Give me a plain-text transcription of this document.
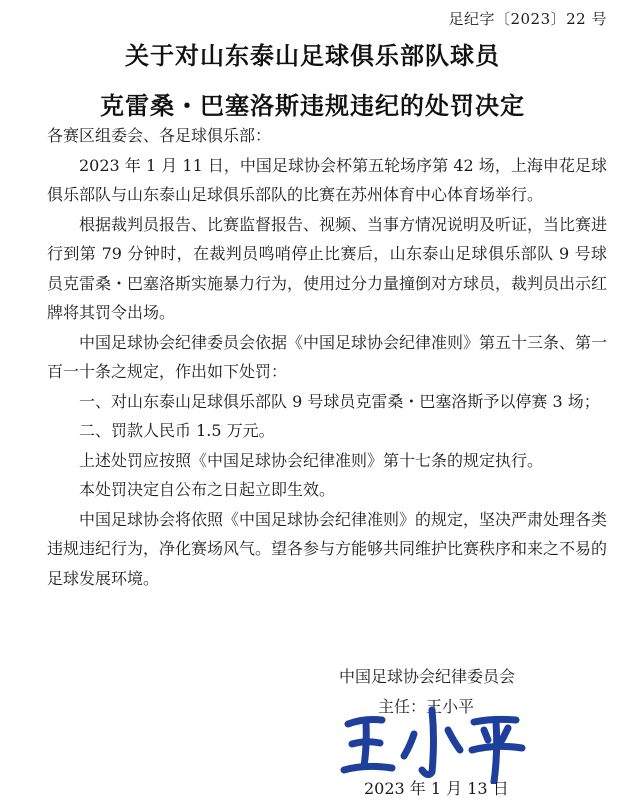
足纪字〔2023〕22 号
关于对山东泰山足球俱乐部队球员
克雷桑・巴塞洛斯违规违纪的处罚决定

各赛区组委会、各足球俱乐部：

2023 年 1 月 11 日，中国足球协会杯第五轮场序第 42 场，上海申花足球俱乐部队与山东泰山足球俱乐部队的比赛在苏州体育中心体育场举行。

根据裁判员报告、比赛监督报告、视频、当事方情况说明及听证，当比赛进行到第 79 分钟时，在裁判员鸣哨停止比赛后，山东泰山足球俱乐部队 9 号球员克雷桑・巴塞洛斯实施暴力行为，使用过分力量撞倒对方球员，裁判员出示红牌将其罚令出场。

中国足球协会纪律委员会依据《中国足球协会纪律准则》第五十三条、第一百一十条之规定，作出如下处罚：

一、对山东泰山足球俱乐部队 9 号球员克雷桑・巴塞洛斯予以停赛 3 场；

二、罚款人民币 1.5 万元。

上述处罚应按照《中国足球协会纪律准则》第十七条的规定执行。

本处罚决定自公布之日起立即生效。

中国足球协会将依照《中国足球协会纪律准则》的规定，坚决严肃处理各类违规违纪行为，净化赛场风气。望各参与方能够共同维护比赛秩序和来之不易的足球发展环境。

中国足球协会纪律委员会
主任：王小平
2023 年 1 月 13 日
